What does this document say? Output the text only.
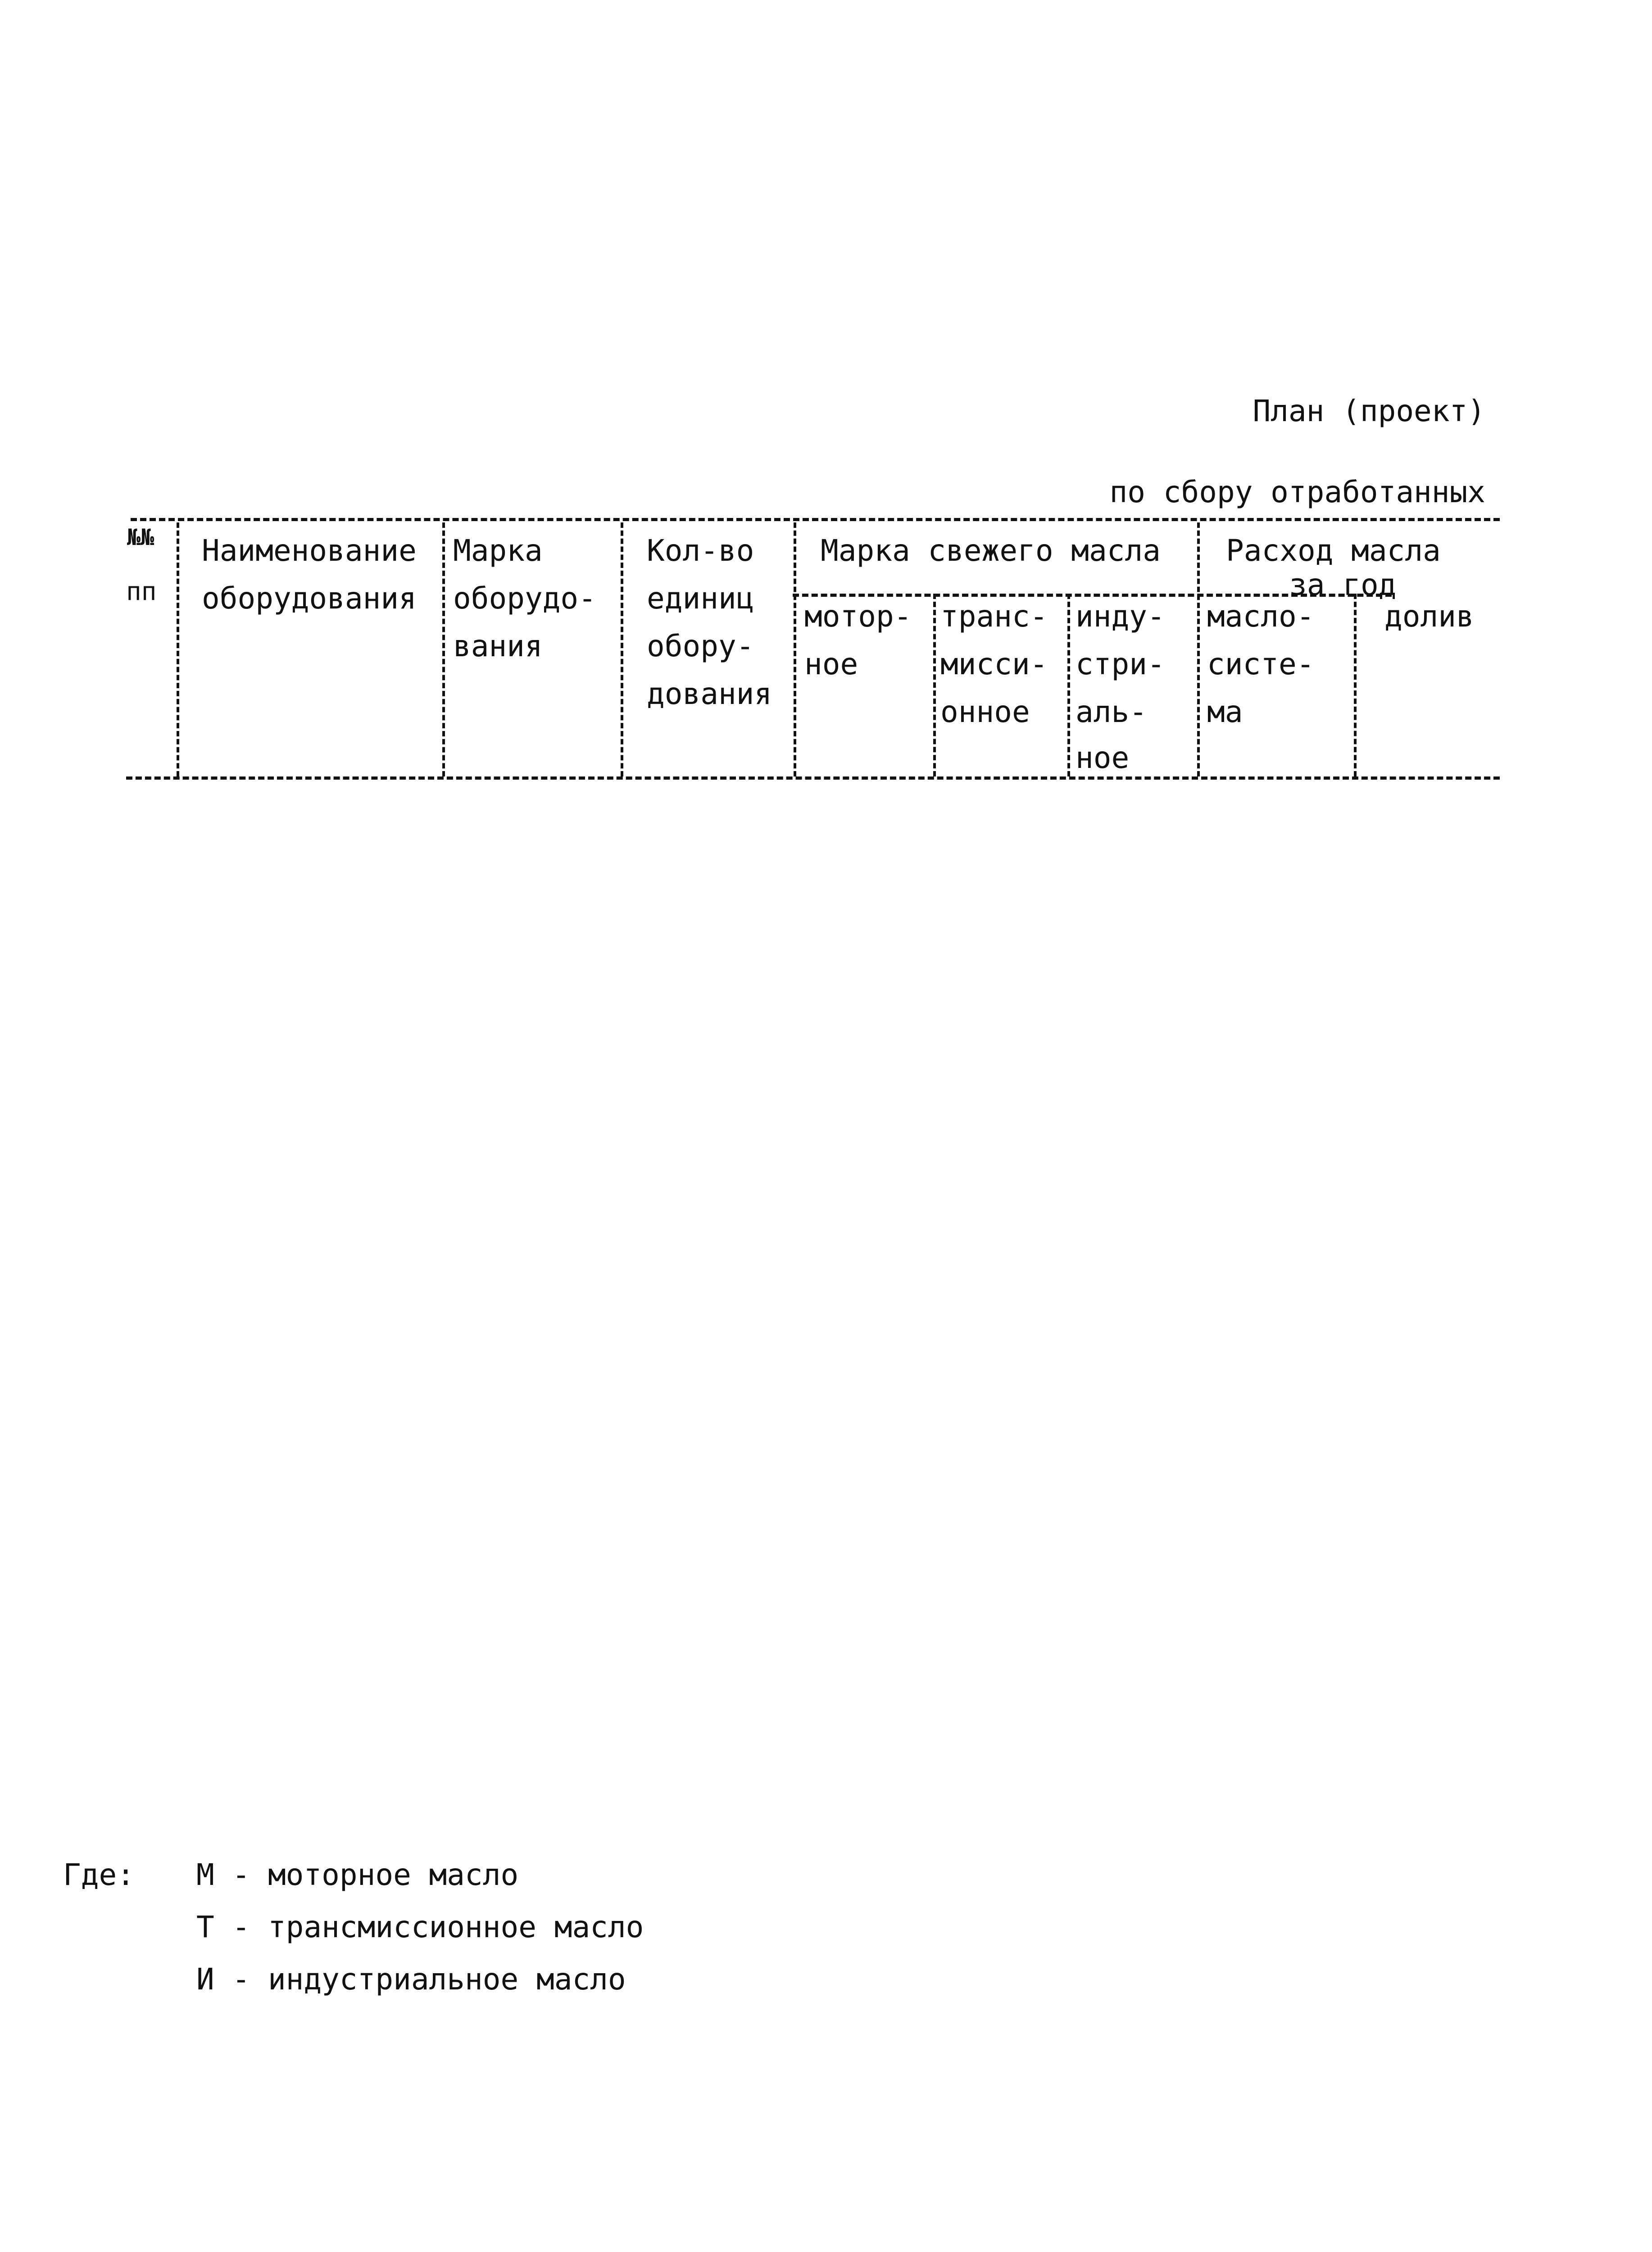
План (проект)
по сбору отработанных
№№
пп
Наименование
оборудования
Марка
оборудо-
вания
Кол-во
единиц
обору-
дования
Марка свежего масла Расход масла
за год
мотор-
ное
транс-
мисси-
онное
инду-
стри-
аль-
ное
масло-
систе-
ма
долив
Где: М - моторное масло
Т - трансмиссионное масло
И - индустриальное масло
